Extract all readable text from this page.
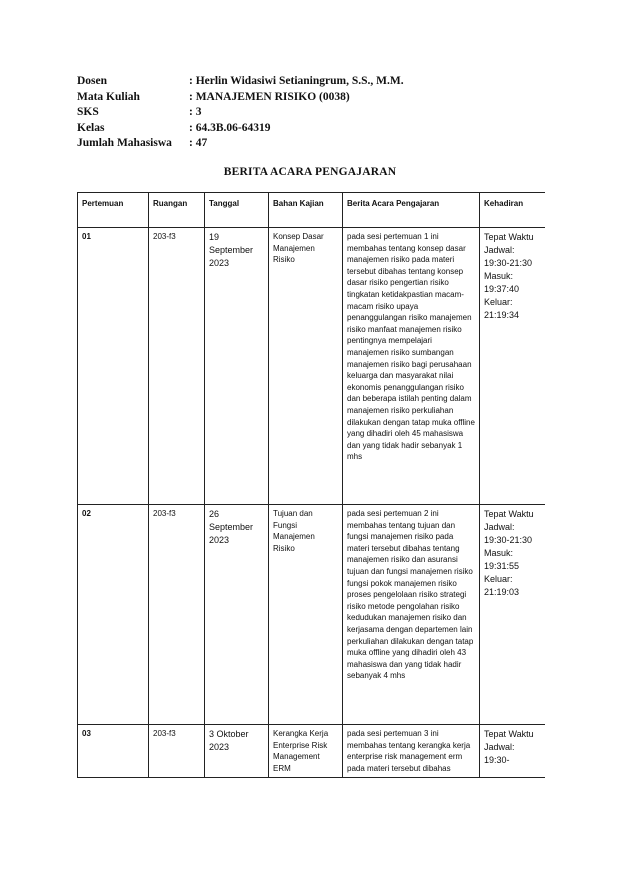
Dosen	: Herlin Widasiwi Setianingrum, S.S., M.M.
Mata Kuliah	: MANAJEMEN RISIKO (0038)
SKS	: 3
Kelas	: 64.3B.06-64319
Jumlah Mahasiswa	: 47
BERITA ACARA PENGAJARAN
Pertemuan	Ruangan	Tanggal	Bahan Kajian	Berita Acara Pengajaran	Kehadiran
01	203-f3	19 September 2023	Konsep Dasar Manajemen Risiko	pada sesi pertemuan 1 ini membahas tentang konsep dasar manajemen risiko pada materi tersebut dibahas tentang konsep dasar risiko pengertian risiko tingkatan ketidakpastian macam-macam risiko upaya penanggulangan risiko manajemen risiko manfaat manajemen risiko pentingnya mempelajari manajemen risiko sumbangan manajemen risiko bagi perusahaan keluarga dan masyarakat nilai ekonomis penanggulangan risiko dan beberapa istilah penting dalam manajemen risiko perkuliahan dilakukan dengan tatap muka offline yang dihadiri oleh 45 mahasiswa dan yang tidak hadir sebanyak 1 mhs	Tepat Waktu Jadwal: 19:30-21:30 Masuk: 19:37:40 Keluar: 21:19:34
02	203-f3	26 September 2023	Tujuan dan Fungsi Manajemen Risiko	pada sesi pertemuan 2 ini membahas tentang tujuan dan fungsi manajemen risiko pada materi tersebut dibahas tentang manajemen risiko dan asuransi tujuan dan fungsi manajemen risiko fungsi pokok manajemen risiko proses pengelolaan risiko strategi risiko metode pengolahan risiko kedudukan manajemen risiko dan kerjasama dengan departemen lain perkuliahan dilakukan dengan tatap muka offline yang dihadiri oleh 43 mahasiswa dan yang tidak hadir sebanyak 4 mhs	Tepat Waktu Jadwal: 19:30-21:30 Masuk: 19:31:55 Keluar: 21:19:03
03	203-f3	3 Oktober 2023	Kerangka Kerja Enterprise Risk Management ERM	pada sesi pertemuan 3 ini membahas tentang kerangka kerja enterprise risk management erm pada materi tersebut dibahas	Tepat Waktu Jadwal: 19:30-
